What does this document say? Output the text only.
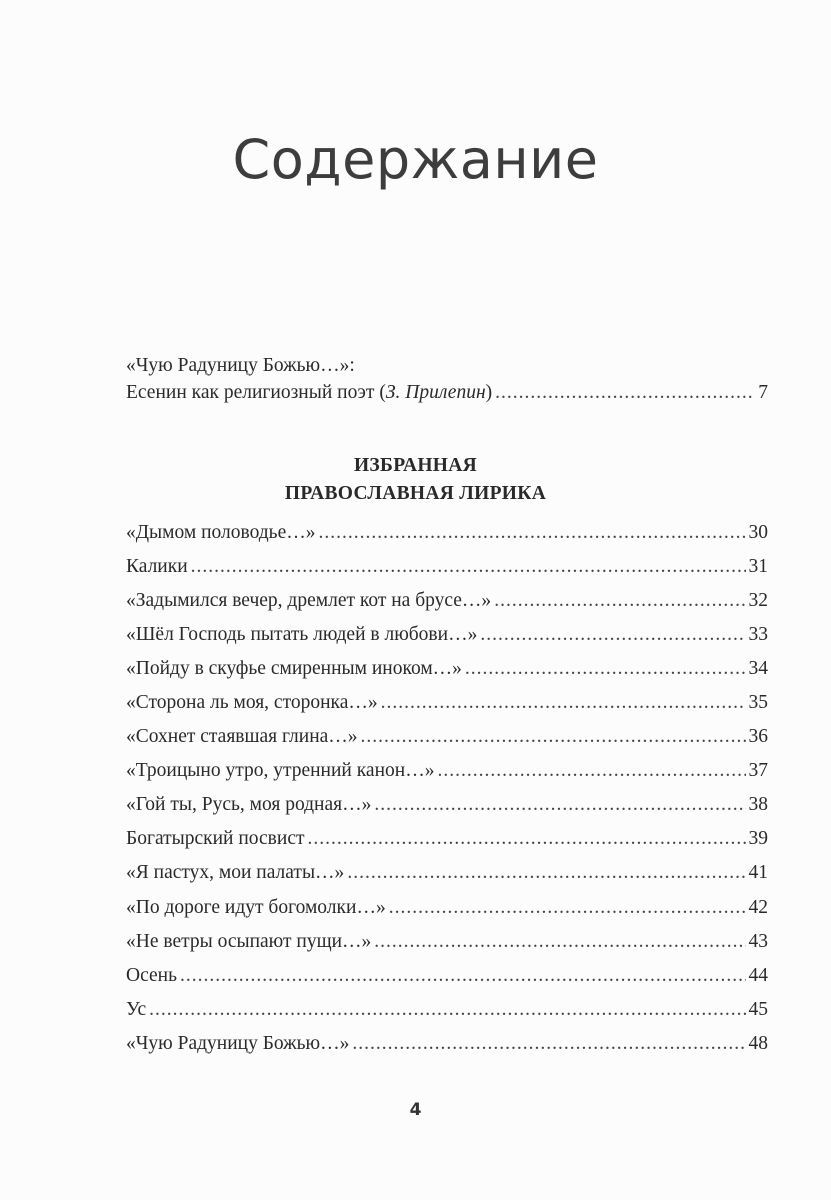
Содержание
«Чую Радуницу Божью…»:
Есенин как религиозный поэт (З. Прилепин) .....	7
ИЗБРАННАЯ
ПРАВОСЛАВНАЯ ЛИРИКА
«Дымом половодье…» .....	30
Калики .....	31
«Задымился вечер, дремлет кот на брусе…» .....	32
«Шёл Господь пытать людей в любови…» .....	33
«Пойду в скуфье смиренным иноком…» .....	34
«Сторона ль моя, сторонка…» .....	35
«Сохнет стаявшая глина…» .....	36
«Троицыно утро, утренний канон…» .....	37
«Гой ты, Русь, моя родная…» .....	38
Богатырский посвист .....	39
«Я пастух, мои палаты…» .....	41
«По дороге идут богомолки…» .....	42
«Не ветры осыпают пущи…» .....	43
Осень .....	44
Ус .....	45
«Чую Радуницу Божью…» .....	48
4
